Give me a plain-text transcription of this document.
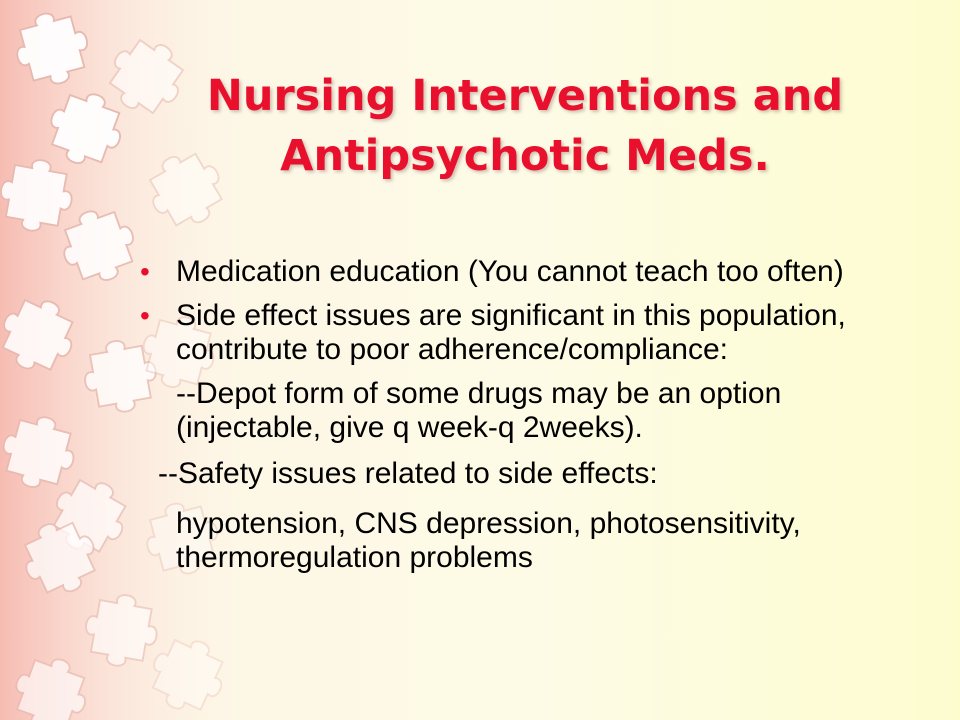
Nursing Interventions and Antipsychotic Meds.
• Medication education (You cannot teach too often)
• Side effect issues are significant in this population, contribute to poor adherence/compliance:
--Depot form of some drugs may be an option (injectable, give q week-q 2weeks).
--Safety issues related to side effects:
hypotension, CNS depression, photosensitivity, thermoregulation problems
